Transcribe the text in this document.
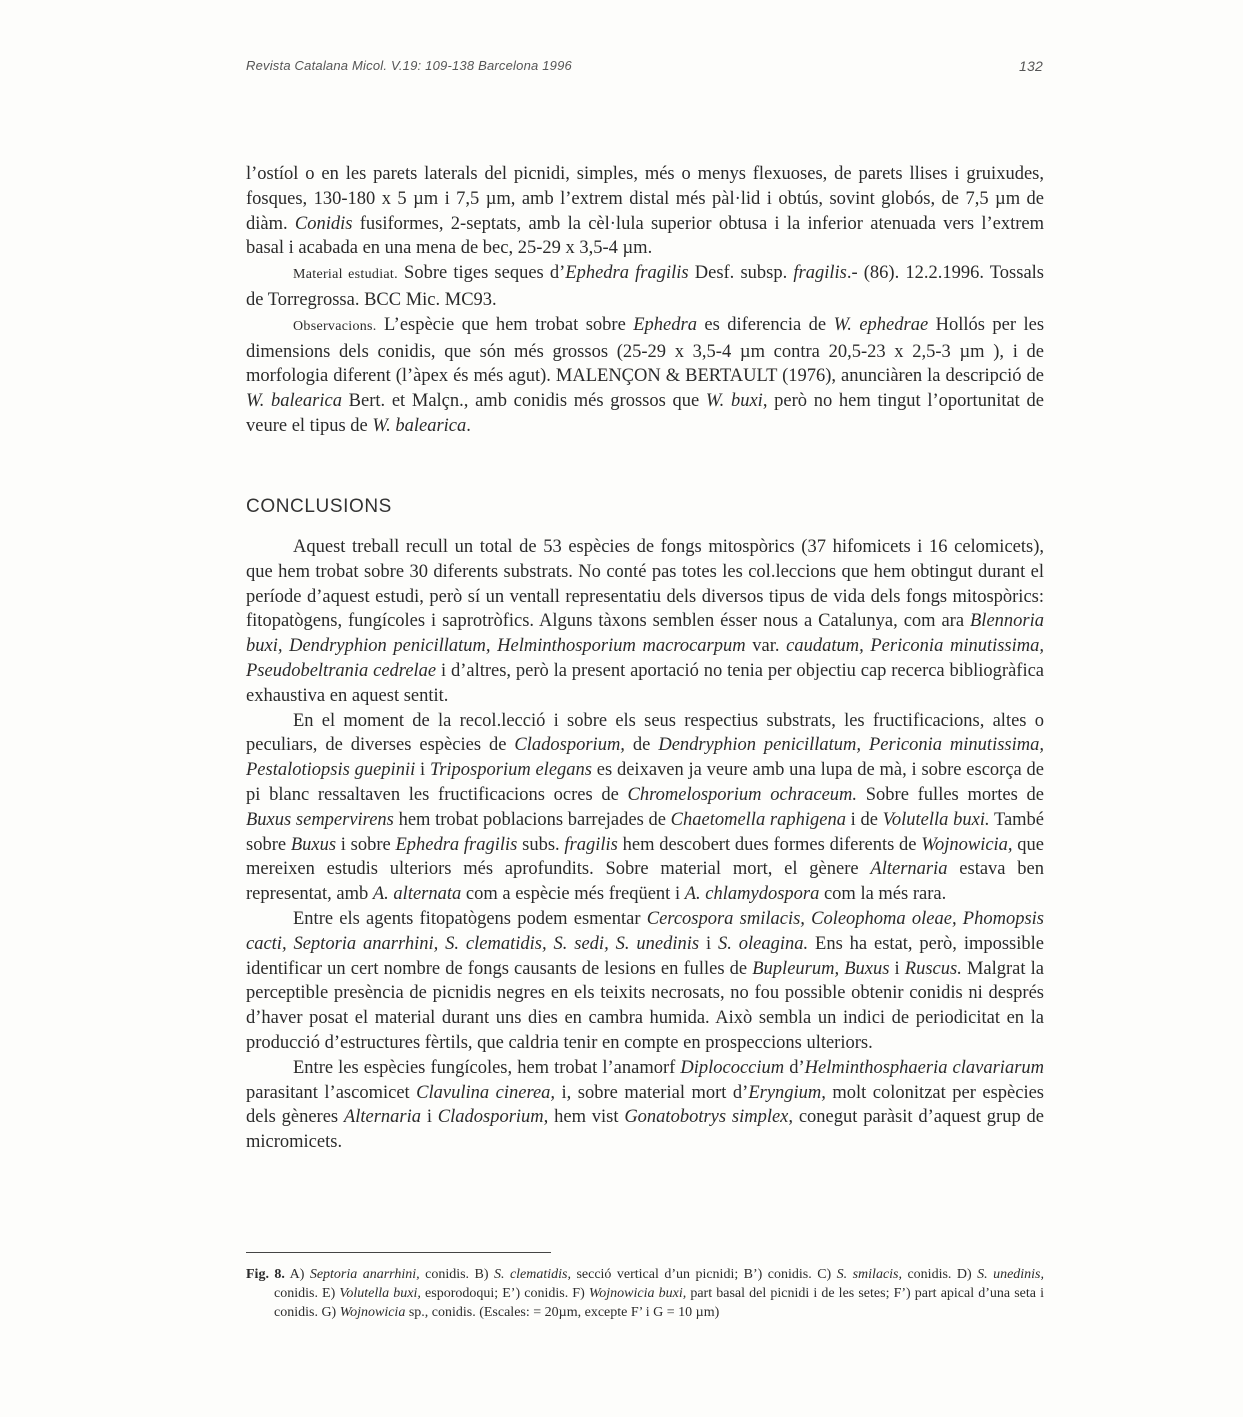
Revista Catalana Micol. V.19: 109-138 Barcelona 1996	132

l’ostíol o en les parets laterals del picnidi, simples, més o menys flexuoses, de parets llises i gruixudes, fosques, 130-180 x 5 µm i 7,5 µm, amb l’extrem distal més pàl·lid i obtús, sovint globós, de 7,5 µm de diàm. Conidis fusiformes, 2-septats, amb la cèl·lula superior obtusa i la inferior atenuada vers l’extrem basal i acabada en una mena de bec, 25-29 x 3,5-4 µm.

Material estudiat. Sobre tiges seques d’Ephedra fragilis Desf. subsp. fragilis.- (86). 12.2.1996. Tossals de Torregrossa. BCC Mic. MC93.

Observacions. L’espècie que hem trobat sobre Ephedra es diferencia de W. ephedrae Hollós per les dimensions dels conidis, que són més grossos (25-29 x 3,5-4 µm contra 20,5-23 x 2,5-3 µm ), i de morfologia diferent (l’àpex és més agut). MALENÇON & BERTAULT (1976), anunciàren la descripció de W. balearica Bert. et Malçn., amb conidis més grossos que W. buxi, però no hem tingut l’oportunitat de veure el tipus de W. balearica.

CONCLUSIONS

Aquest treball recull un total de 53 espècies de fongs mitospòrics (37 hifomicets i 16 celomicets), que hem trobat sobre 30 diferents substrats. No conté pas totes les col.leccions que hem obtingut durant el període d’aquest estudi, però sí un ventall representatiu dels diversos tipus de vida dels fongs mitospòrics: fitopatògens, fungícoles i saprotròfics. Alguns tàxons semblen ésser nous a Catalunya, com ara Blennoria buxi, Dendryphion penicillatum, Helminthosporium macrocarpum var. caudatum, Periconia minutissima, Pseudobeltrania cedrelae i d’altres, però la present aportació no tenia per objectiu cap recerca bibliogràfica exhaustiva en aquest sentit.

En el moment de la recol.lecció i sobre els seus respectius substrats, les fructificacions, altes o peculiars, de diverses espècies de Cladosporium, de Dendryphion penicillatum, Periconia minutissima, Pestalotiopsis guepinii i Triposporium elegans es deixaven ja veure amb una lupa de mà, i sobre escorça de pi blanc ressaltaven les fructificacions ocres de Chromelosporium ochraceum. Sobre fulles mortes de Buxus sempervirens hem trobat poblacions barrejades de Chaetomella raphigena i de Volutella buxi. També sobre Buxus i sobre Ephedra fragilis subs. fragilis hem descobert dues formes diferents de Wojnowicia, que mereixen estudis ulteriors més aprofundits. Sobre material mort, el gènere Alternaria estava ben representat, amb A. alternata com a espècie més freqüent i A. chlamydospora com la més rara.

Entre els agents fitopatògens podem esmentar Cercospora smilacis, Coleophoma oleae, Phomopsis cacti, Septoria anarrhini, S. clematidis, S. sedi, S. unedinis i S. oleagina. Ens ha estat, però, impossible identificar un cert nombre de fongs causants de lesions en fulles de Bupleurum, Buxus i Ruscus. Malgrat la perceptible presència de picnidis negres en els teixits necrosats, no fou possible obtenir conidis ni després d’haver posat el material durant uns dies en cambra humida. Això sembla un indici de periodicitat en la producció d’estructures fèrtils, que caldria tenir en compte en prospeccions ulteriors.

Entre les espècies fungícoles, hem trobat l’anamorf Diplococcium d’Helminthosphaeria clavariarum parasitant l’ascomicet Clavulina cinerea, i, sobre material mort d’Eryngium, molt colonitzat per espècies dels gèneres Alternaria i Cladosporium, hem vist Gonatobotrys simplex, conegut paràsit d’aquest grup de micromicets.

Fig. 8. A) Septoria anarrhini, conidis. B) S. clematidis, secció vertical d’un picnidi; B’) conidis. C) S. smilacis, conidis. D) S. unedinis, conidis. E) Volutella buxi, esporodoqui; E’) conidis. F) Wojnowicia buxi, part basal del picnidi i de les setes; F’) part apical d’una seta i conidis. G) Wojnowicia sp., conidis. (Escales: = 20µm, excepte F’ i G = 10 µm)
